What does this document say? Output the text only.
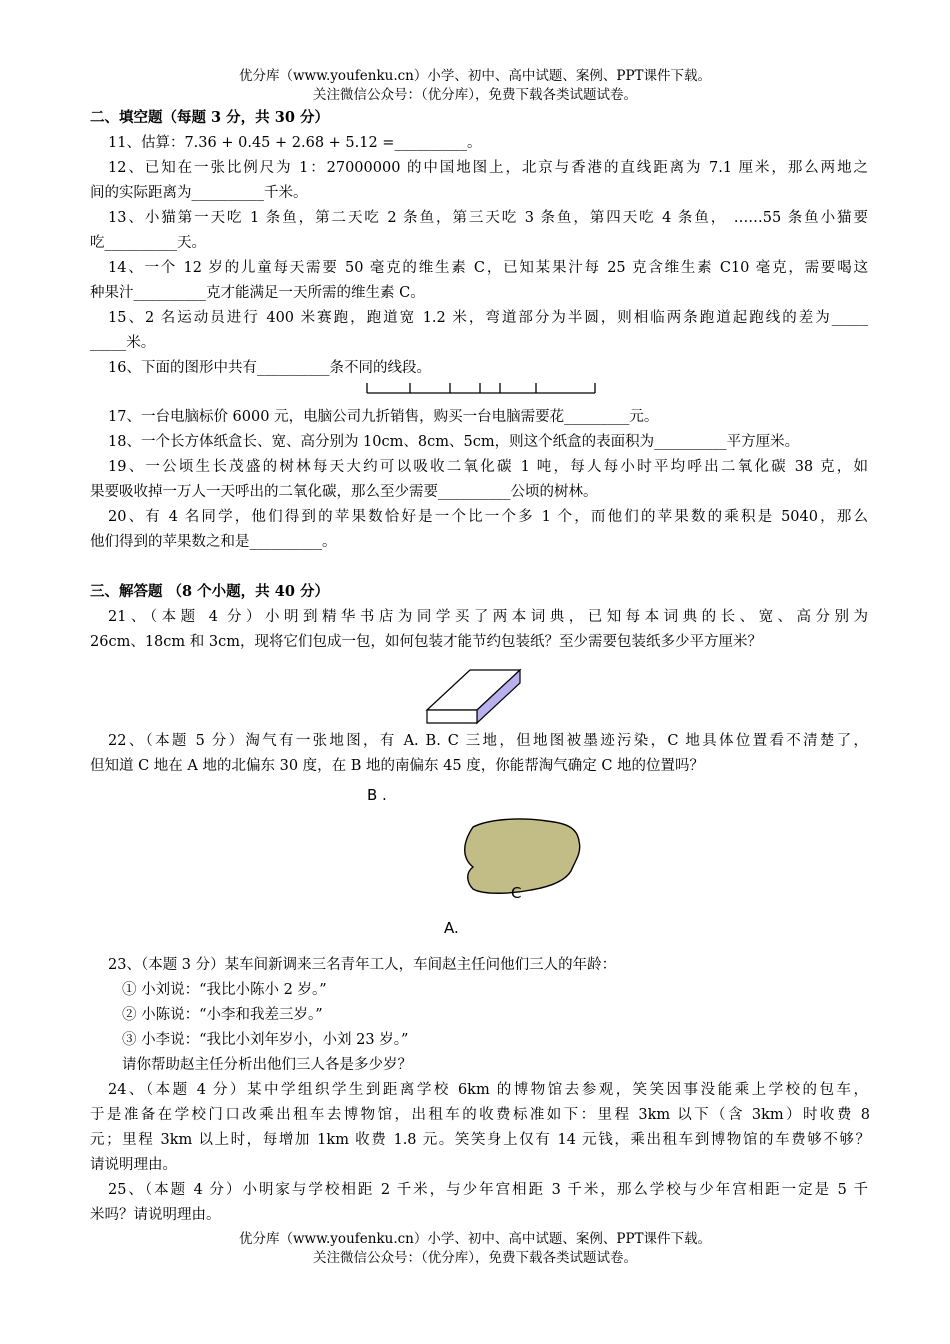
优分库（www.youfenku.cn）小学、初中、高中试题、案例、PPT课件下载。
关注微信公众号：（优分库），免费下载各类试题试卷。
二、填空题（每题 3 分，共 30 分）
11、估算：7.36 + 0.45 + 2.68 + 5.12 =__________。
12、已知在一张比例尺为 1：27000000 的中国地图上，北京与香港的直线距离为 7.1 厘米，那么两地之
间的实际距离为__________千米。
13、小猫第一天吃 1 条鱼，第二天吃 2 条鱼，第三天吃 3 条鱼，第四天吃 4 条鱼， ……55 条鱼小猫要
吃__________天。
14、一个 12 岁的儿童每天需要 50 毫克的维生素 C，已知某果汁每 25 克含维生素 C10 毫克，需要喝这
种果汁__________克才能满足一天所需的维生素 C。
15、2 名运动员进行 400 米赛跑，跑道宽 1.2 米，弯道部分为半圆，则相临两条跑道起跑线的差为_____
_____米。
16、下面的图形中共有__________条不同的线段。
17、一台电脑标价 6000 元，电脑公司九折销售，购买一台电脑需要花_________元。
18、一个长方体纸盒长、宽、高分别为 10cm、8cm、5cm，则这个纸盒的表面积为__________平方厘米。
19、一公顷生长茂盛的树林每天大约可以吸收二氧化碳 1 吨，每人每小时平均呼出二氧化碳 38 克，如
果要吸收掉一万人一天呼出的二氧化碳，那么至少需要__________公顷的树林。
20、有 4 名同学，他们得到的苹果数恰好是一个比一个多 1 个，而他们的苹果数的乘积是 5040，那么
他们得到的苹果数之和是__________。
三、解答题 （8 个小题，共 40 分）
21、（本题 4 分）小明到精华书店为同学买了两本词典，已知每本词典的长、宽、高分别为
26cm、18cm 和 3cm，现将它们包成一包，如何包装才能节约包装纸？至少需要包装纸多少平方厘米？
22、（本题 5 分）淘气有一张地图，有 A. B. C 三地，但地图被墨迹污染，C 地具体位置看不清楚了，
但知道 C 地在 A 地的北偏东 30 度，在 B 地的南偏东 45 度，你能帮淘气确定 C 地的位置吗？
B .
C
A.
23、（本题 3 分）某车间新调来三名青年工人，车间赵主任问他们三人的年龄：
① 小刘说：“我比小陈小 2 岁。”
② 小陈说：“小李和我差三岁。”
③ 小李说：“我比小刘年岁小，小刘 23 岁。”
请你帮助赵主任分析出他们三人各是多少岁？
24、（本题 4 分）某中学组织学生到距离学校 6km 的博物馆去参观，笑笑因事没能乘上学校的包车，
于是准备在学校门口改乘出租车去博物馆，出租车的收费标准如下：里程 3km 以下（含 3km）时收费 8
元；里程 3km 以上时，每增加 1km 收费 1.8 元。笑笑身上仅有 14 元钱，乘出租车到博物馆的车费够不够？
请说明理由。
25、（本题 4 分）小明家与学校相距 2 千米，与少年宫相距 3 千米，那么学校与少年宫相距一定是 5 千
米吗？请说明理由。
优分库（www.youfenku.cn）小学、初中、高中试题、案例、PPT课件下载。
关注微信公众号：（优分库），免费下载各类试题试卷。
